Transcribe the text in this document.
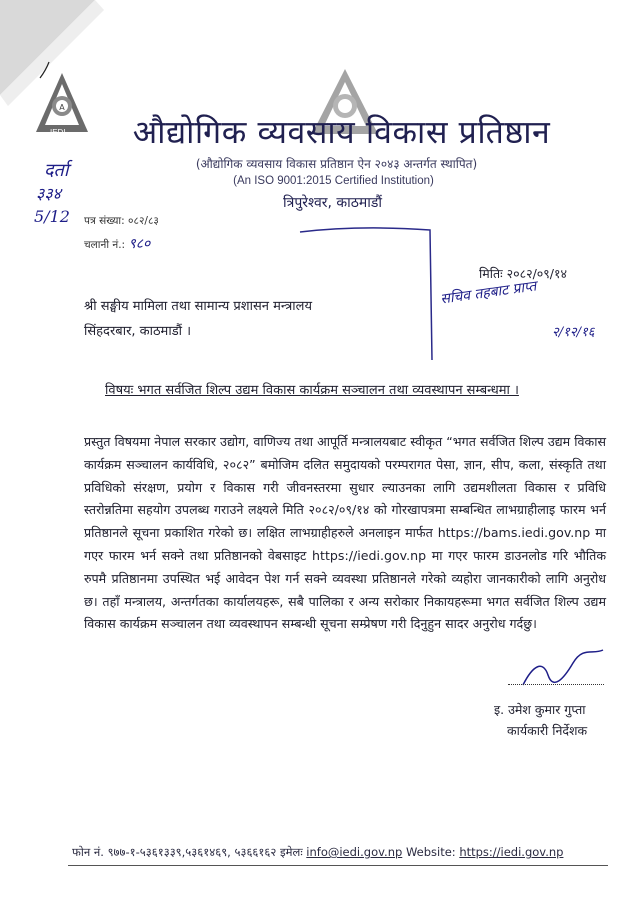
A
IEDI	औद्योगिक व्यवसाय विकास प्रतिष्ठान
(औद्योगिक व्यवसाय विकास प्रतिष्ठान ऐन २०४३ अन्तर्गत स्थापित)
(An ISO 9001:2015 Certified Institution)
त्रिपुरेश्वर, काठमाडौं
दर्ता
३३४
5/12 पत्र संख्या: ०८२/८३
चलानी नं.: ९८०
मितिः २०८२/०९/१४
सचिव तहबाट प्राप्त
२/१२/१६
श्री सङ्घीय मामिला तथा सामान्य प्रशासन मन्त्रालय
सिंहदरबार, काठमाडौं ।
विषयः भगत सर्वजित शिल्प उद्यम विकास कार्यक्रम सञ्चालन तथा व्यवस्थापन सम्बन्धमा ।
प्रस्तुत विषयमा नेपाल सरकार उद्योग, वाणिज्य तथा आपूर्ति मन्त्रालयबाट स्वीकृत “भगत सर्वजित शिल्प उद्यम विकास कार्यक्रम सञ्चालन कार्यविधि, २०८२” बमोजिम दलित समुदायको परम्परागत पेसा, ज्ञान, सीप, कला, संस्कृति तथा प्रविधिको संरक्षण, प्रयोग र विकास गरी जीवनस्तरमा सुधार ल्याउनका लागि उद्यमशीलता विकास र प्रविधि स्तरोन्नतिमा सहयोग उपलब्ध गराउने लक्ष्यले मिति २०८२/०९/१४ को गोरखापत्रमा सम्बन्धित लाभग्राहीलाइ फारम भर्न प्रतिष्ठानले सूचना प्रकाशित गरेको छ। लक्षित लाभग्राहीहरुले अनलाइन मार्फत https://bams.iedi.gov.np मा गएर फारम भर्न सक्ने तथा प्रतिष्ठानको वेबसाइट https://iedi.gov.np मा गएर फारम डाउनलोड गरि भौतिक रुपमै प्रतिष्ठानमा उपस्थित भई आवेदन पेश गर्न सक्ने व्यवस्था प्रतिष्ठानले गरेको व्यहोरा जानकारीको लागि अनुरोध छ। तहाँ मन्त्रालय, अन्तर्गतका कार्यालयहरू, सबै पालिका र अन्य सरोकार निकायहरूमा भगत सर्वजित शिल्प उद्यम विकास कार्यक्रम सञ्चालन तथा व्यवस्थापन सम्बन्धी सूचना सम्प्रेषण गरी दिनुहुन सादर अनुरोध गर्दछु।
इ. उमेश कुमार गुप्ता
कार्यकारी निर्देशक
फोन नं. ९७७-१-५३६१३३९,५३६१४६९, ५३६६१६२ इमेलः info@iedi.gov.np Website: https://iedi.gov.np
